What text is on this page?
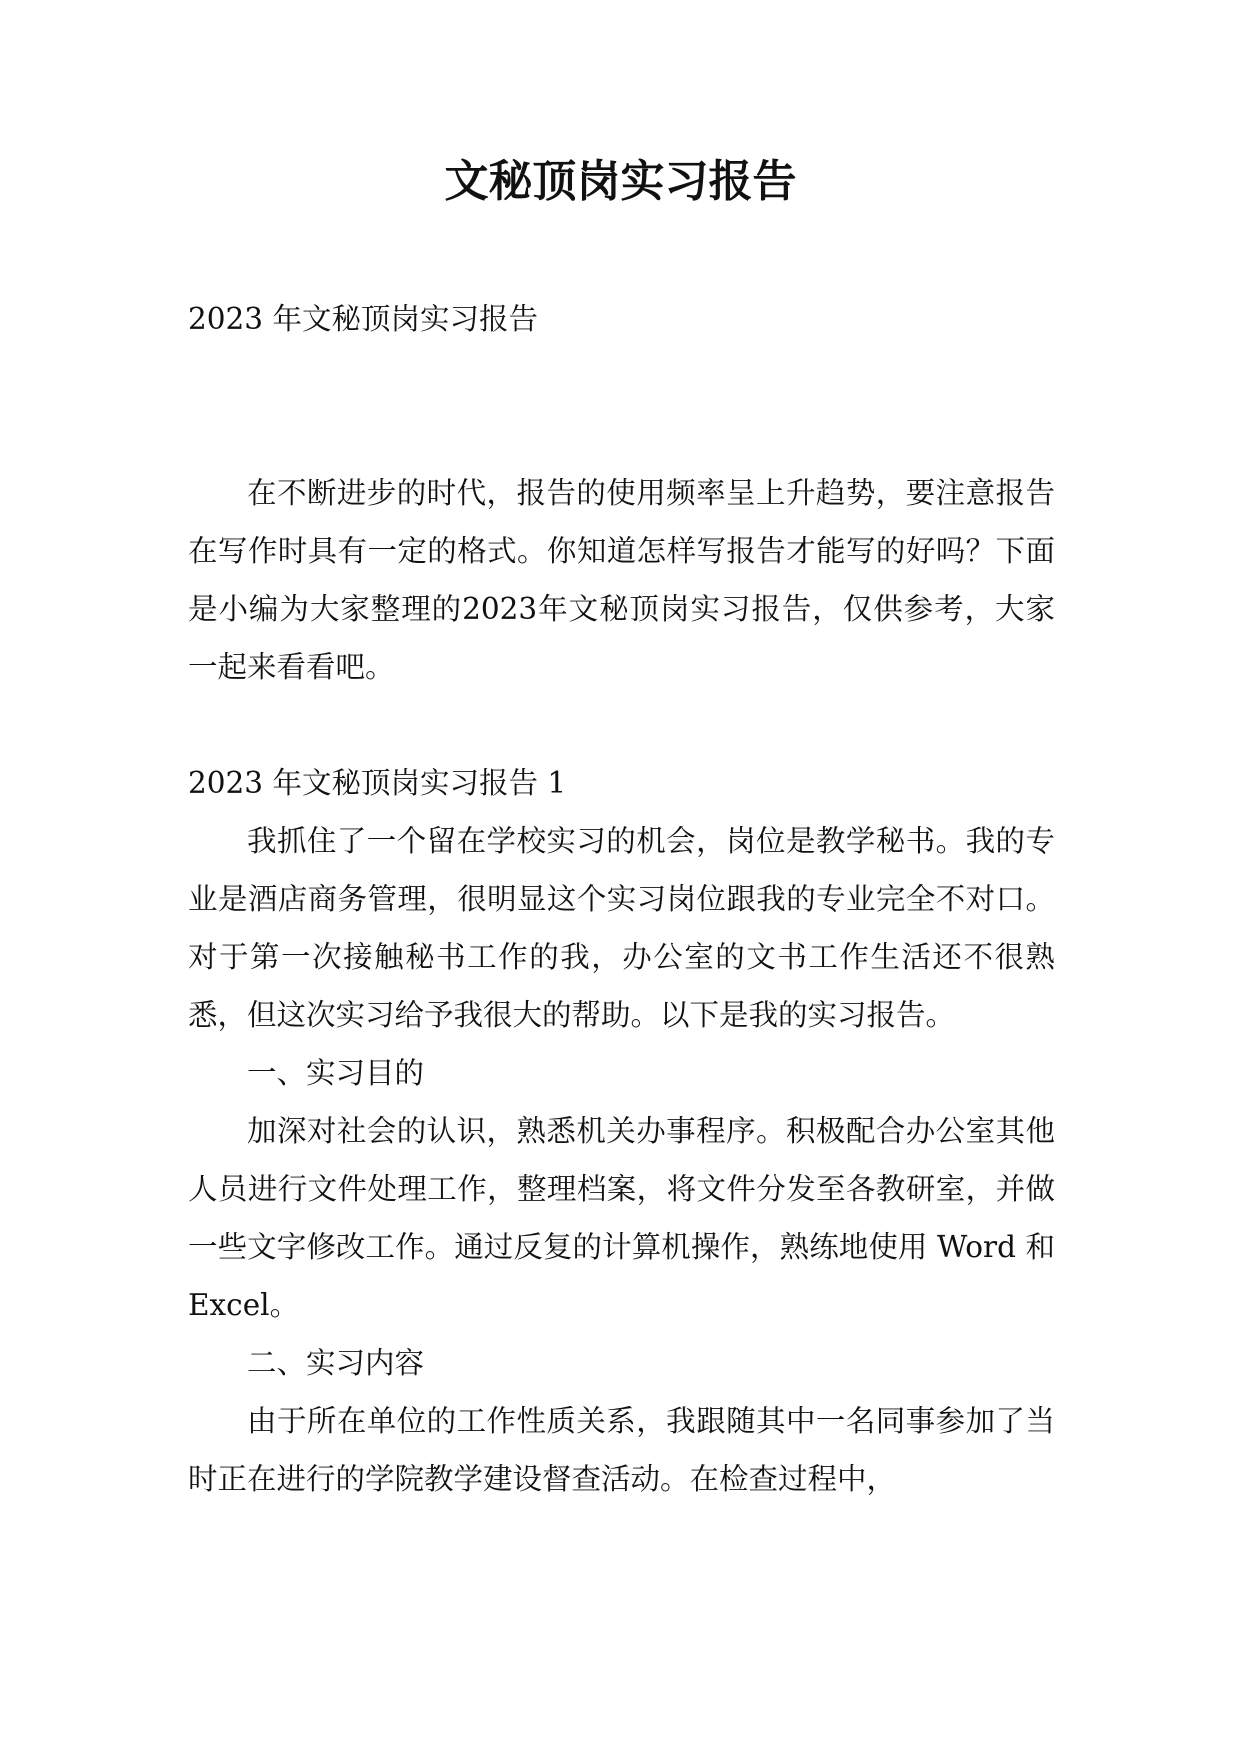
文秘顶岗实习报告

2023 年文秘顶岗实习报告

在不断进步的时代，报告的使用频率呈上升趋势，要注意报告在写作时具有一定的格式。你知道怎样写报告才能写的好吗？下面是小编为大家整理的2023年文秘顶岗实习报告，仅供参考，大家一起来看看吧。

2023 年文秘顶岗实习报告 1

我抓住了一个留在学校实习的机会，岗位是教学秘书。我的专业是酒店商务管理，很明显这个实习岗位跟我的专业完全不对口。对于第一次接触秘书工作的我，办公室的文书工作生活还不很熟悉，但这次实习给予我很大的帮助。以下是我的实习报告。

一、实习目的

加深对社会的认识，熟悉机关办事程序。积极配合办公室其他人员进行文件处理工作，整理档案，将文件分发至各教研室，并做一些文字修改工作。通过反复的计算机操作，熟练地使用 Word 和 Excel。

二、实习内容

由于所在单位的工作性质关系，我跟随其中一名同事参加了当时正在进行的学院教学建设督查活动。在检查过程中，
